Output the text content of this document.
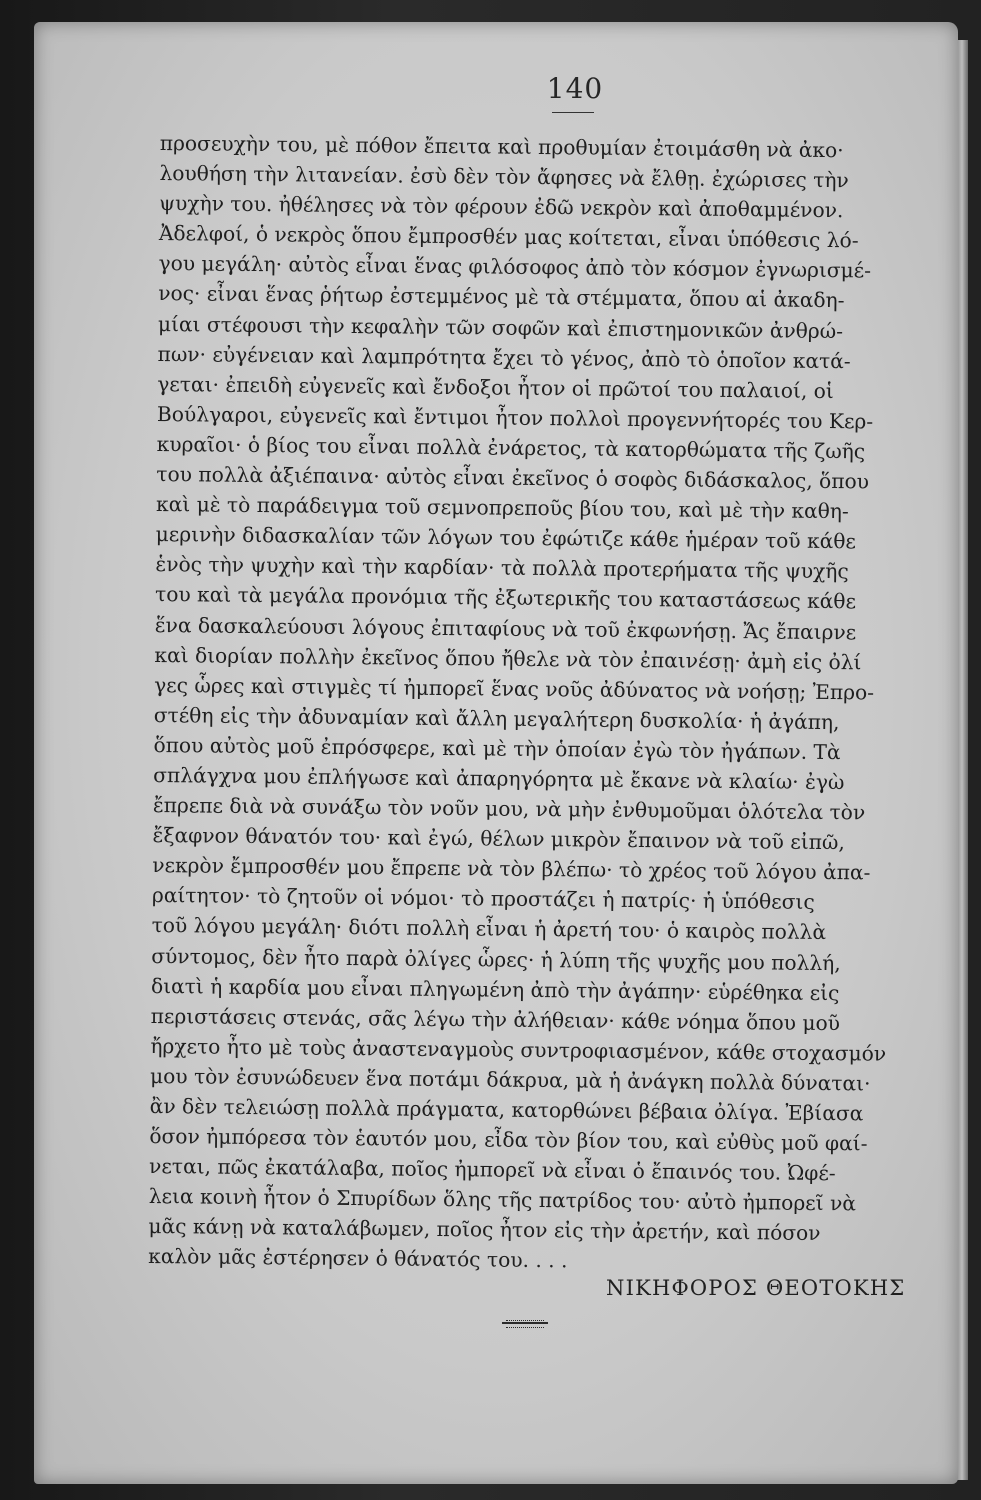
140
προσευχὴν του, μὲ πόθον ἔπειτα καὶ προθυμίαν ἐτοιμάσθη νὰ ἀκο·
λουθήση τὴν λιτανείαν. ἐσὺ δὲν τὸν ἄφησες νὰ ἔλθῃ. ἐχώρισες τὴν
ψυχὴν του. ἠθέλησες νὰ τὸν φέρουν ἐδῶ νεκρὸν καὶ ἀποθαμμένον.
Ἀδελφοί, ὁ νεκρὸς ὅπου ἔμπροσθέν μας κοίτεται, εἶναι ὑπόθεσις λό-
γου μεγάλη· αὐτὸς εἶναι ἕνας φιλόσοφος ἀπὸ τὸν κόσμον ἐγνωρισμέ-
νος· εἶναι ἕνας ῥήτωρ ἐστεμμένος μὲ τὰ στέμματα, ὅπου αἱ ἀκαδη-
μίαι στέφουσι τὴν κεφαλὴν τῶν σοφῶν καὶ ἐπιστημονικῶν ἀνθρώ-
πων· εὐγένειαν καὶ λαμπρότητα ἔχει τὸ γένος, ἀπὸ τὸ ὁποῖον κατά-
γεται· ἐπειδὴ εὐγενεῖς καὶ ἔνδοξοι ἦτον οἱ πρῶτοί του παλαιοί, οἱ
Βούλγαροι, εὐγενεῖς καὶ ἔντιμοι ἦτον πολλοὶ προγεννήτορές του Κερ-
κυραῖοι· ὁ βίος του εἶναι πολλὰ ἐνάρετος, τὰ κατορθώματα τῆς ζωῆς
του πολλὰ ἀξιέπαινα· αὐτὸς εἶναι ἐκεῖνος ὁ σοφὸς διδάσκαλος, ὅπου
καὶ μὲ τὸ παράδειγμα τοῦ σεμνοπρεποῦς βίου του, καὶ μὲ τὴν καθη-
μερινὴν διδασκαλίαν τῶν λόγων του ἐφώτιζε κάθε ἡμέραν τοῦ κάθε
ἑνὸς τὴν ψυχὴν καὶ τὴν καρδίαν· τὰ πολλὰ προτερήματα τῆς ψυχῆς
του καὶ τὰ μεγάλα προνόμια τῆς ἐξωτερικῆς του καταστάσεως κάθε
ἕνα δασκαλεύουσι λόγους ἐπιταφίους νὰ τοῦ ἐκφωνήσῃ. Ἄς ἔπαιρνε
καὶ διορίαν πολλὴν ἐκεῖνος ὅπου ἤθελε νὰ τὸν ἐπαινέσῃ· ἀμὴ εἰς ὀλί
γες ὧρες καὶ στιγμὲς τί ἠμπορεῖ ἕνας νοῦς ἀδύνατος νὰ νοήσῃ; Ἐπρο-
στέθη εἰς τὴν ἀδυναμίαν καὶ ἄλλη μεγαλήτερη δυσκολία· ἡ ἀγάπη,
ὅπου αὐτὸς μοῦ ἐπρόσφερε, καὶ μὲ τὴν ὁποίαν ἐγὼ τὸν ἠγάπων. Τὰ
σπλάγχνα μου ἐπλήγωσε καὶ ἀπαρηγόρητα μὲ ἔκανε νὰ κλαίω· ἐγὼ
ἔπρεπε διὰ νὰ συνάξω τὸν νοῦν μου, νὰ μὴν ἐνθυμοῦμαι ὁλότελα τὸν
ἔξαφνον θάνατόν του· καὶ ἐγώ, θέλων μικρὸν ἔπαινον νὰ τοῦ εἰπῶ,
νεκρὸν ἔμπροσθέν μου ἔπρεπε νὰ τὸν βλέπω· τὸ χρέος τοῦ λόγου ἀπα-
ραίτητον· τὸ ζητοῦν οἱ νόμοι· τὸ προστάζει ἡ πατρίς· ἡ ὑπόθεσις
τοῦ λόγου μεγάλη· διότι πολλὴ εἶναι ἡ ἀρετή του· ὁ καιρὸς πολλὰ
σύντομος, δὲν ἦτο παρὰ ὀλίγες ὧρες· ἡ λύπη τῆς ψυχῆς μου πολλή,
διατὶ ἡ καρδία μου εἶναι πληγωμένη ἀπὸ τὴν ἀγάπην· εὑρέθηκα εἰς
περιστάσεις στενάς, σᾶς λέγω τὴν ἀλήθειαν· κάθε νόημα ὅπου μοῦ
ἤρχετο ἦτο μὲ τοὺς ἀναστεναγμοὺς συντροφιασμένον, κάθε στοχασμόν
μου τὸν ἐσυνώδευεν ἕνα ποτάμι δάκρυα, μὰ ἡ ἀνάγκη πολλὰ δύναται·
ἂν δὲν τελειώσῃ πολλὰ πράγματα, κατορθώνει βέβαια ὀλίγα. Ἐβίασα
ὅσον ἠμπόρεσα τὸν ἑαυτόν μου, εἶδα τὸν βίον του, καὶ εὐθὺς μοῦ φαί-
νεται, πῶς ἐκατάλαβα, ποῖος ἠμπορεῖ νὰ εἶναι ὁ ἔπαινός του. Ὠφέ-
λεια κοινὴ ἦτον ὁ Σπυρίδων ὅλης τῆς πατρίδος του· αὐτὸ ἠμπορεῖ νὰ
μᾶς κάνῃ νὰ καταλάβωμεν, ποῖος ἦτον εἰς τὴν ἀρετήν, καὶ πόσον
καλὸν μᾶς ἐστέρησεν ὁ θάνατός του. . . .
ΝΙΚΗΦΟΡΟΣ ΘΕΟΤΟΚΗΣ
